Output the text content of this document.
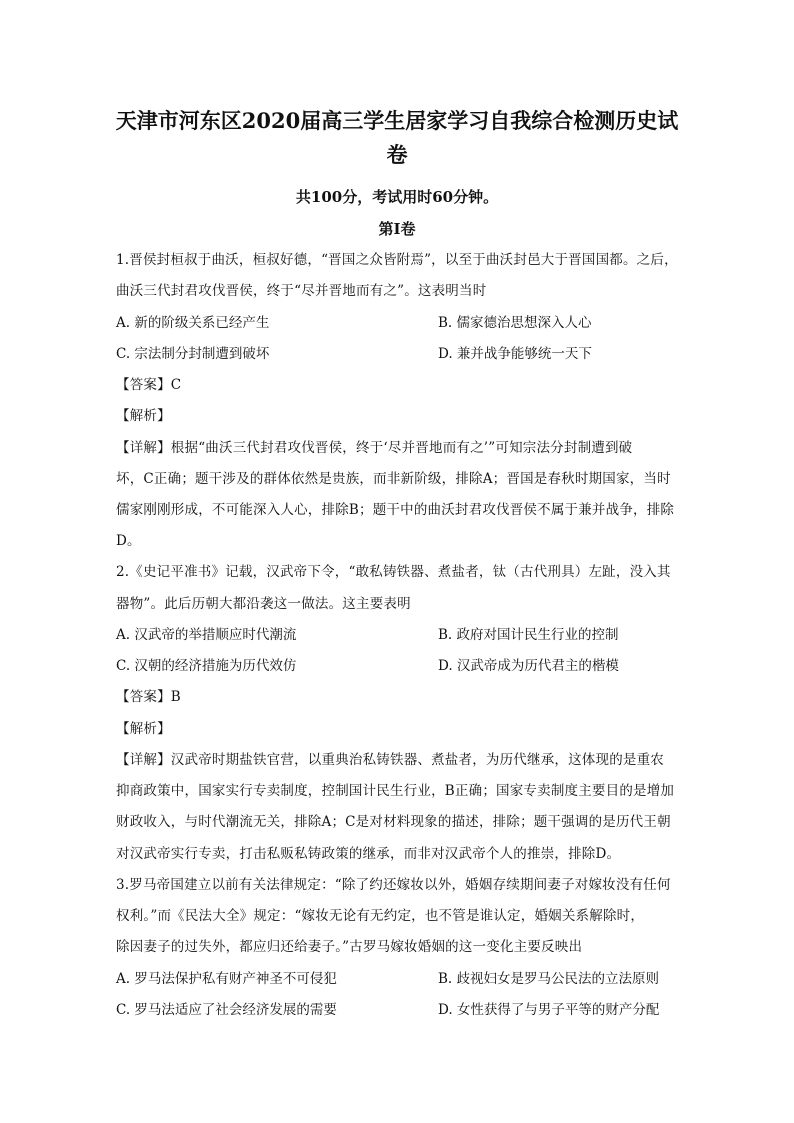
天津市河东区2020届高三学生居家学习自我综合检测历史试卷
共100分，考试用时60分钟。
第Ⅰ卷
1.晋侯封桓叔于曲沃，桓叔好德，“晋国之众皆附焉”，以至于曲沃封邑大于晋国国都。之后，
曲沃三代封君攻伐晋侯，终于“尽并晋地而有之”。这表明当时
A. 新的阶级关系已经产生	B. 儒家德治思想深入人心
C. 宗法制分封制遭到破坏	D. 兼并战争能够统一天下
【答案】C
【解析】
【详解】根据“曲沃三代封君攻伐晋侯，终于‘尽并晋地而有之’”可知宗法分封制遭到破
坏，C正确；题干涉及的群体依然是贵族，而非新阶级，排除A；晋国是春秋时期国家，当时
儒家刚刚形成，不可能深入人心，排除B；题干中的曲沃封君攻伐晋侯不属于兼并战争，排除
D。
2.《史记平准书》记载，汉武帝下令，“敢私铸铁器、煮盐者，钛（古代刑具）左趾，没入其
器物”。此后历朝大都沿袭这一做法。这主要表明
A. 汉武帝的举措顺应时代潮流	B. 政府对国计民生行业的控制
C. 汉朝的经济措施为历代效仿	D. 汉武帝成为历代君主的楷模
【答案】B
【解析】
【详解】汉武帝时期盐铁官营，以重典治私铸铁器、煮盐者，为历代继承，这体现的是重农
抑商政策中，国家实行专卖制度，控制国计民生行业，B正确；国家专卖制度主要目的是增加
财政收入，与时代潮流无关，排除A；C是对材料现象的描述，排除；题干强调的是历代王朝
对汉武帝实行专卖，打击私贩私铸政策的继承，而非对汉武帝个人的推崇，排除D。
3.罗马帝国建立以前有关法律规定：“除了约还嫁妆以外，婚姻存续期间妻子对嫁妆没有任何
权利。”而《民法大全》规定：“嫁妆无论有无约定，也不管是谁认定，婚姻关系解除时，
除因妻子的过失外，都应归还给妻子。”古罗马嫁妆婚姻的这一变化主要反映出
A. 罗马法保护私有财产神圣不可侵犯	B. 歧视妇女是罗马公民法的立法原则
C. 罗马法适应了社会经济发展的需要	D. 女性获得了与男子平等的财产分配
